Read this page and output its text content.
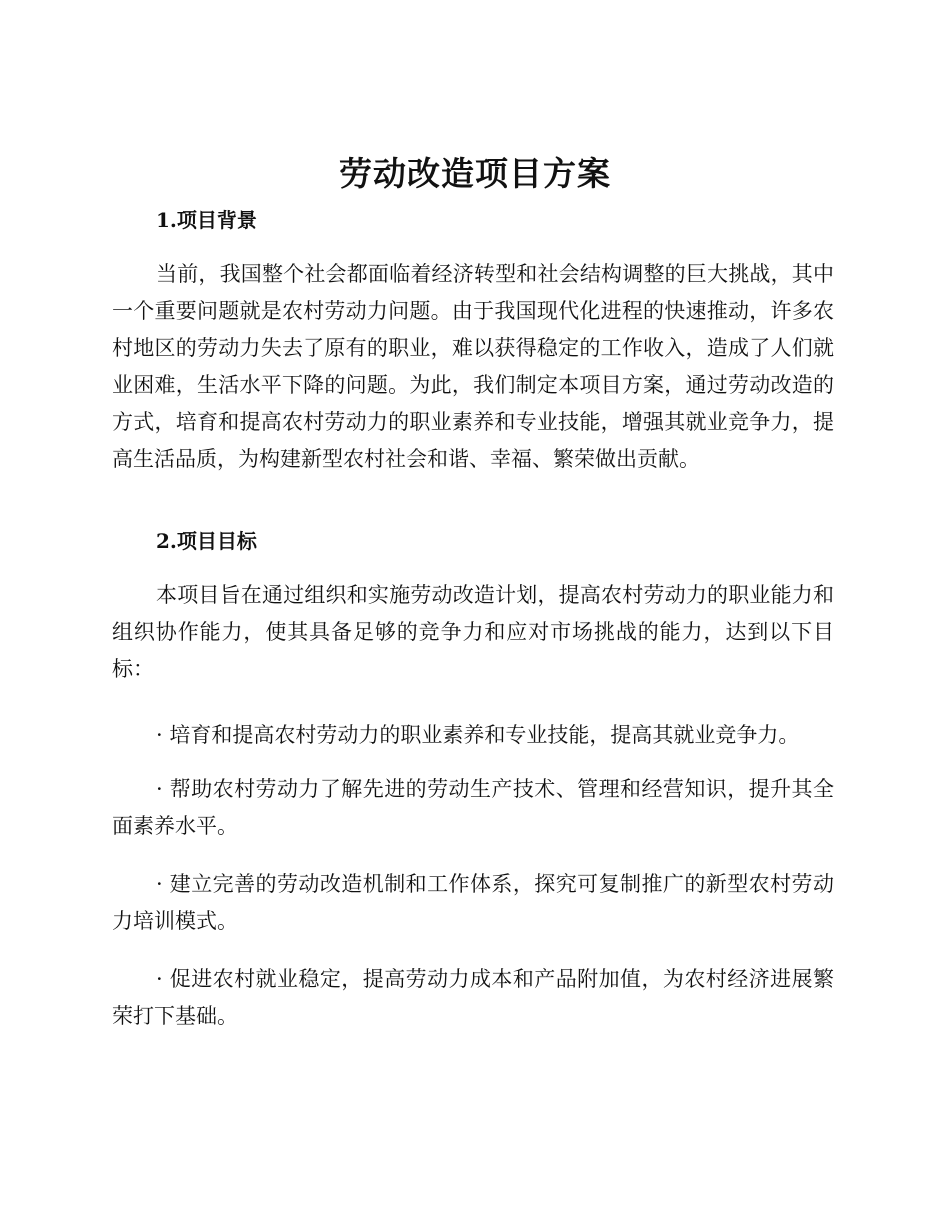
劳动改造项目方案
1.项目背景

当前，我国整个社会都面临着经济转型和社会结构调整的巨大挑战，其中一个重要问题就是农村劳动力问题。由于我国现代化进程的快速推动，许多农村地区的劳动力失去了原有的职业，难以获得稳定的工作收入，造成了人们就业困难，生活水平下降的问题。为此，我们制定本项目方案，通过劳动改造的方式，培育和提高农村劳动力的职业素养和专业技能，增强其就业竞争力，提高生活品质，为构建新型农村社会和谐、幸福、繁荣做出贡献。

2.项目目标

本项目旨在通过组织和实施劳动改造计划，提高农村劳动力的职业能力和组织协作能力，使其具备足够的竞争力和应对市场挑战的能力，达到以下目标：

· 培育和提高农村劳动力的职业素养和专业技能，提高其就业竞争力。

· 帮助农村劳动力了解先进的劳动生产技术、管理和经营知识，提升其全面素养水平。

· 建立完善的劳动改造机制和工作体系，探究可复制推广的新型农村劳动力培训模式。

· 促进农村就业稳定，提高劳动力成本和产品附加值，为农村经济进展繁荣打下基础。
